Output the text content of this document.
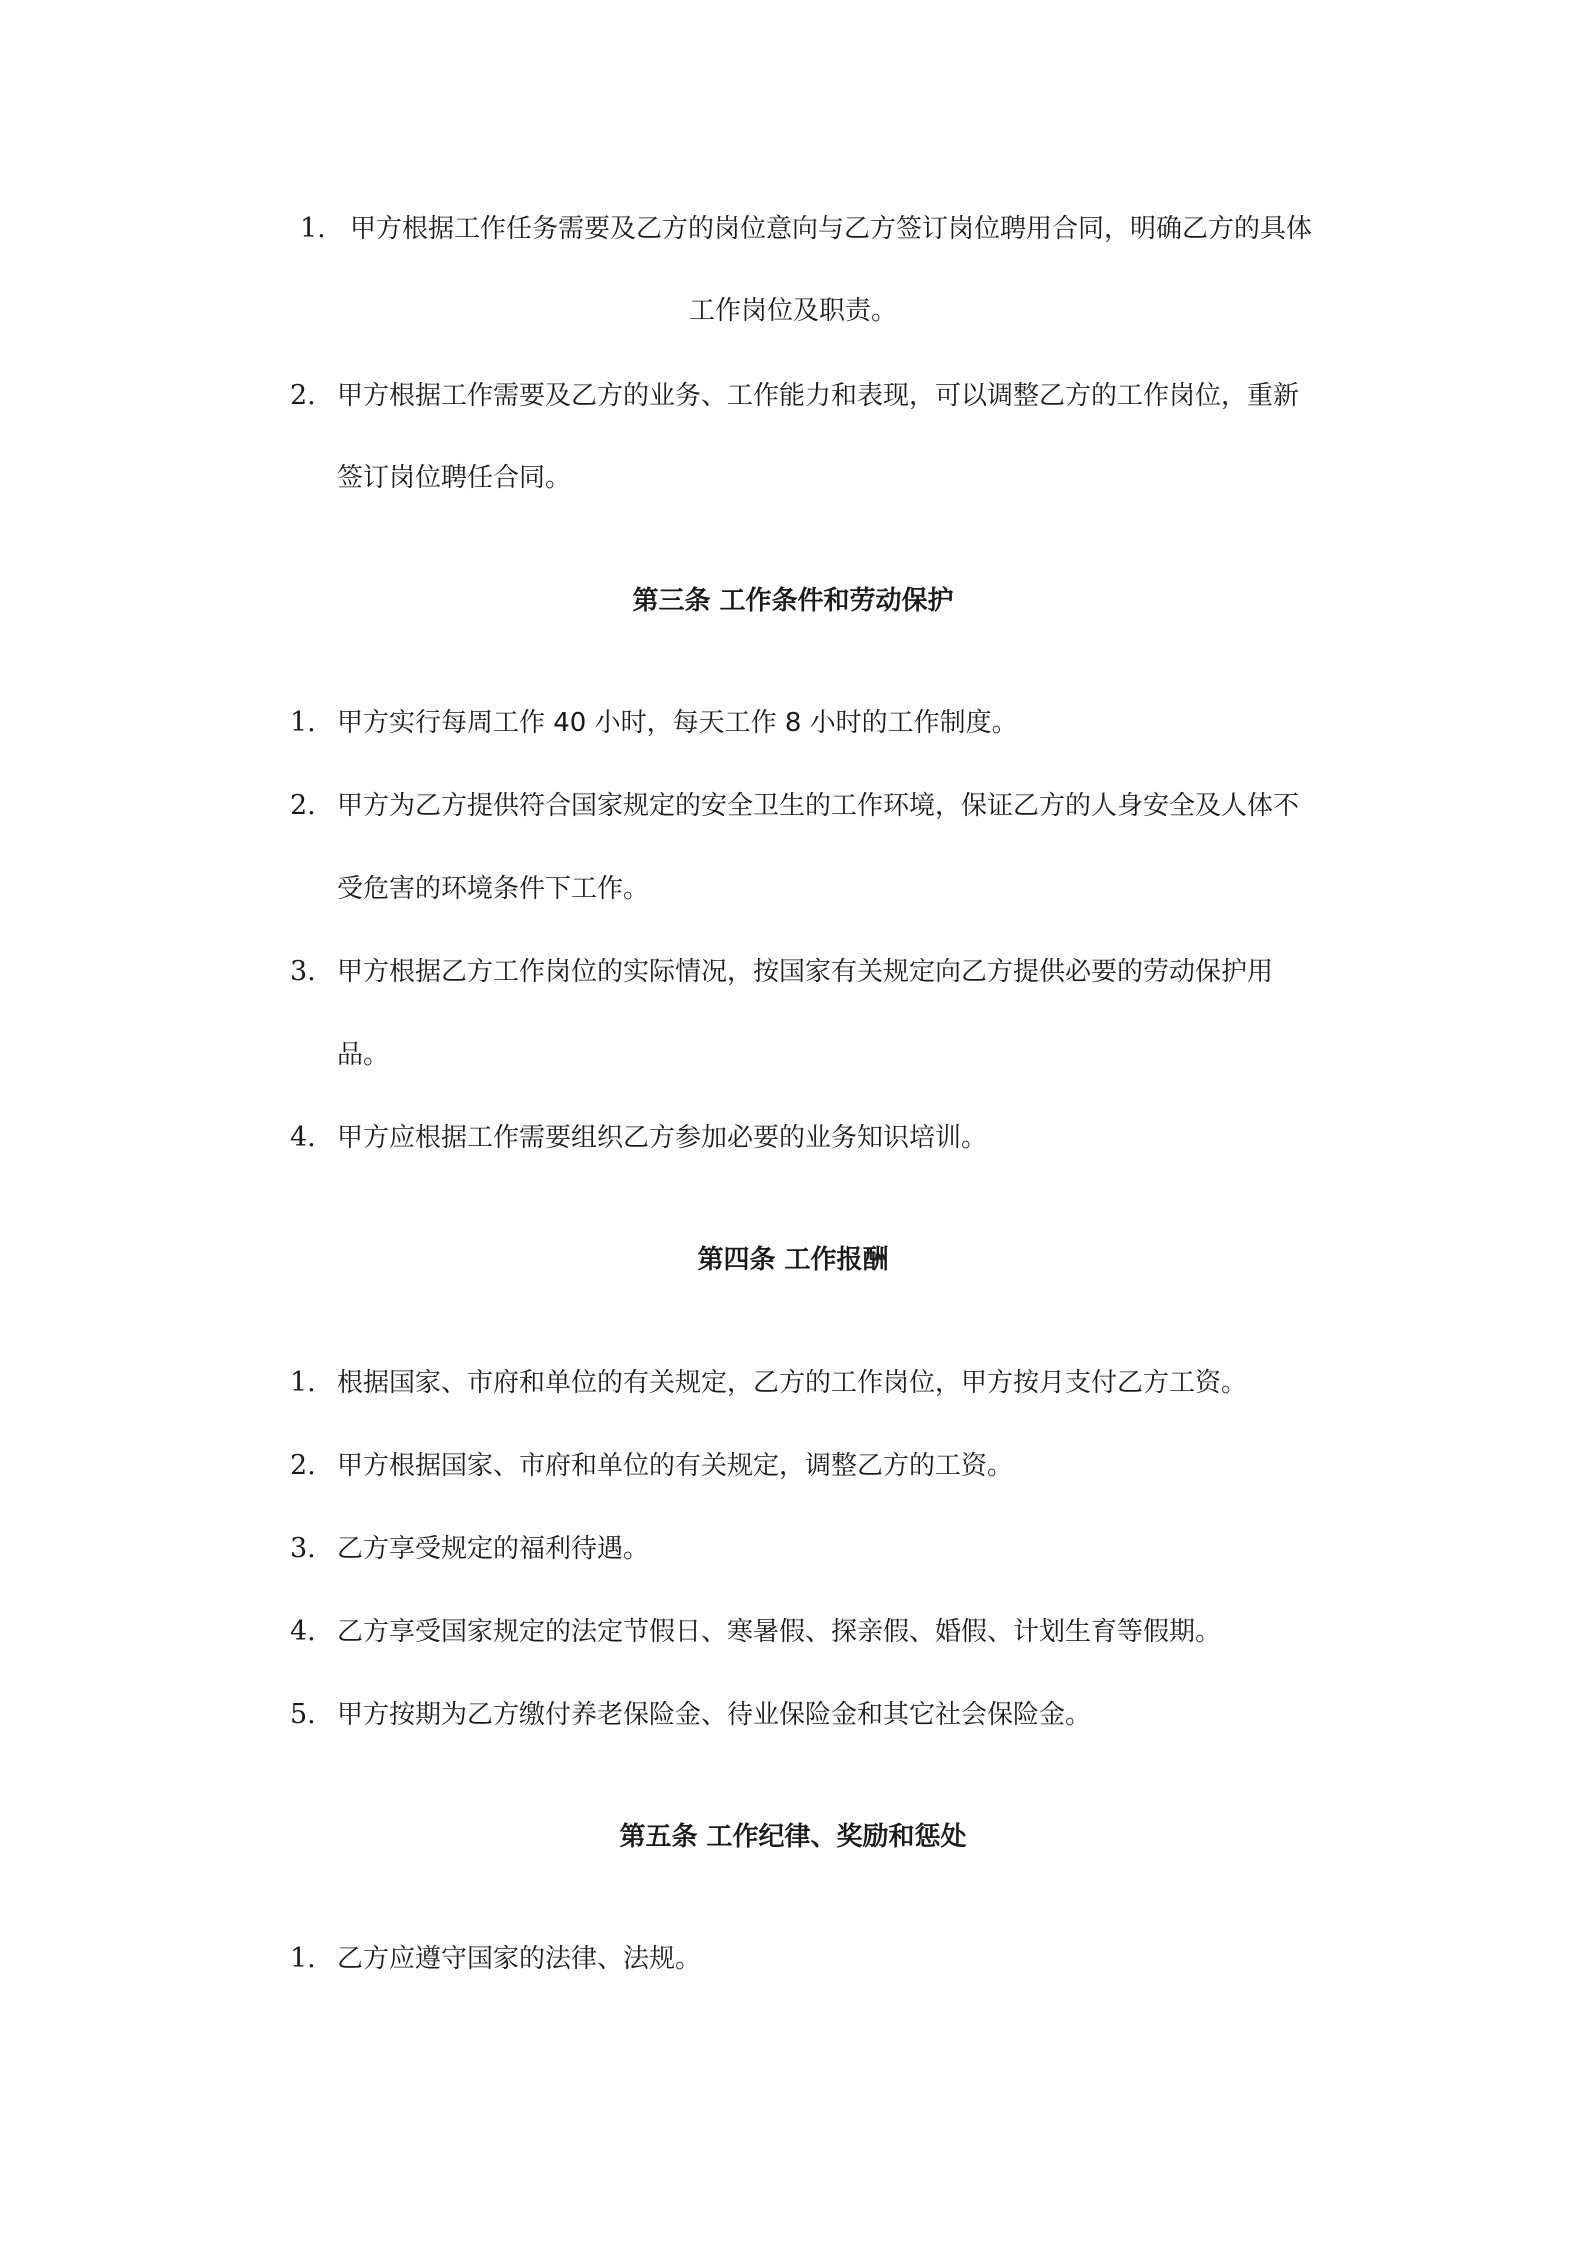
1. 甲方根据工作任务需要及乙方的岗位意向与乙方签订岗位聘用合同，明确乙方的具体
工作岗位及职责。
2. 甲方根据工作需要及乙方的业务、工作能力和表现，可以调整乙方的工作岗位，重新
签订岗位聘任合同。
第三条 工作条件和劳动保护
1. 甲方实行每周工作 40 小时，每天工作 8 小时的工作制度。
2. 甲方为乙方提供符合国家规定的安全卫生的工作环境，保证乙方的人身安全及人体不
受危害的环境条件下工作。
3. 甲方根据乙方工作岗位的实际情况，按国家有关规定向乙方提供必要的劳动保护用
品。
4. 甲方应根据工作需要组织乙方参加必要的业务知识培训。
第四条 工作报酬
1. 根据国家、市府和单位的有关规定，乙方的工作岗位，甲方按月支付乙方工资。
2. 甲方根据国家、市府和单位的有关规定，调整乙方的工资。
3. 乙方享受规定的福利待遇。
4. 乙方享受国家规定的法定节假日、寒暑假、探亲假、婚假、计划生育等假期。
5. 甲方按期为乙方缴付养老保险金、待业保险金和其它社会保险金。
第五条 工作纪律、奖励和惩处
1. 乙方应遵守国家的法律、法规。
